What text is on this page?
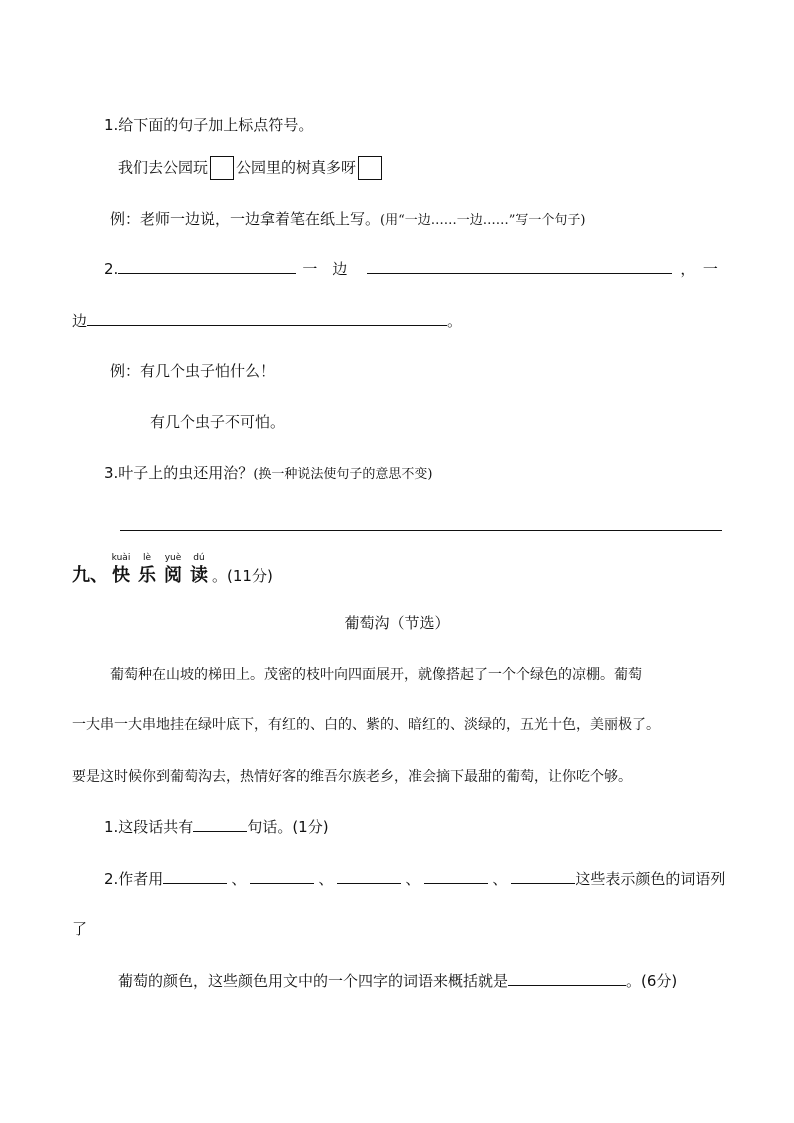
1.给下面的句子加上标点符号。
我们去公园玩 公园里的树真多呀
例：老师一边说，一边拿着笔在纸上写。(用“一边……一边……”写一个句子)
2.	一　边	，　一
边	。
例：有几个虫子怕什么！
有几个虫子不可怕。
3.叶子上的虫还用治？(换一种说法使句子的意思不变)
九、
kuài
快
lè
乐
yuè
阅
dú
读 。(11分)
葡萄沟（节选）
葡萄种在山坡的梯田上。茂密的枝叶向四面展开，就像搭起了一个个绿色的凉棚。葡萄
一大串一大串地挂在绿叶底下，有红的、白的、紫的、暗红的、淡绿的，五光十色，美丽极了。
要是这时候你到葡萄沟去，热情好客的维吾尔族老乡，准会摘下最甜的葡萄，让你吃个够。
1.这段话共有	句话。(1分)
2.作者用	、	、	、	、	这些表示颜色的词语列
了
葡萄的颜色，这些颜色用文中的一个四字的词语来概括就是	。(6分)
